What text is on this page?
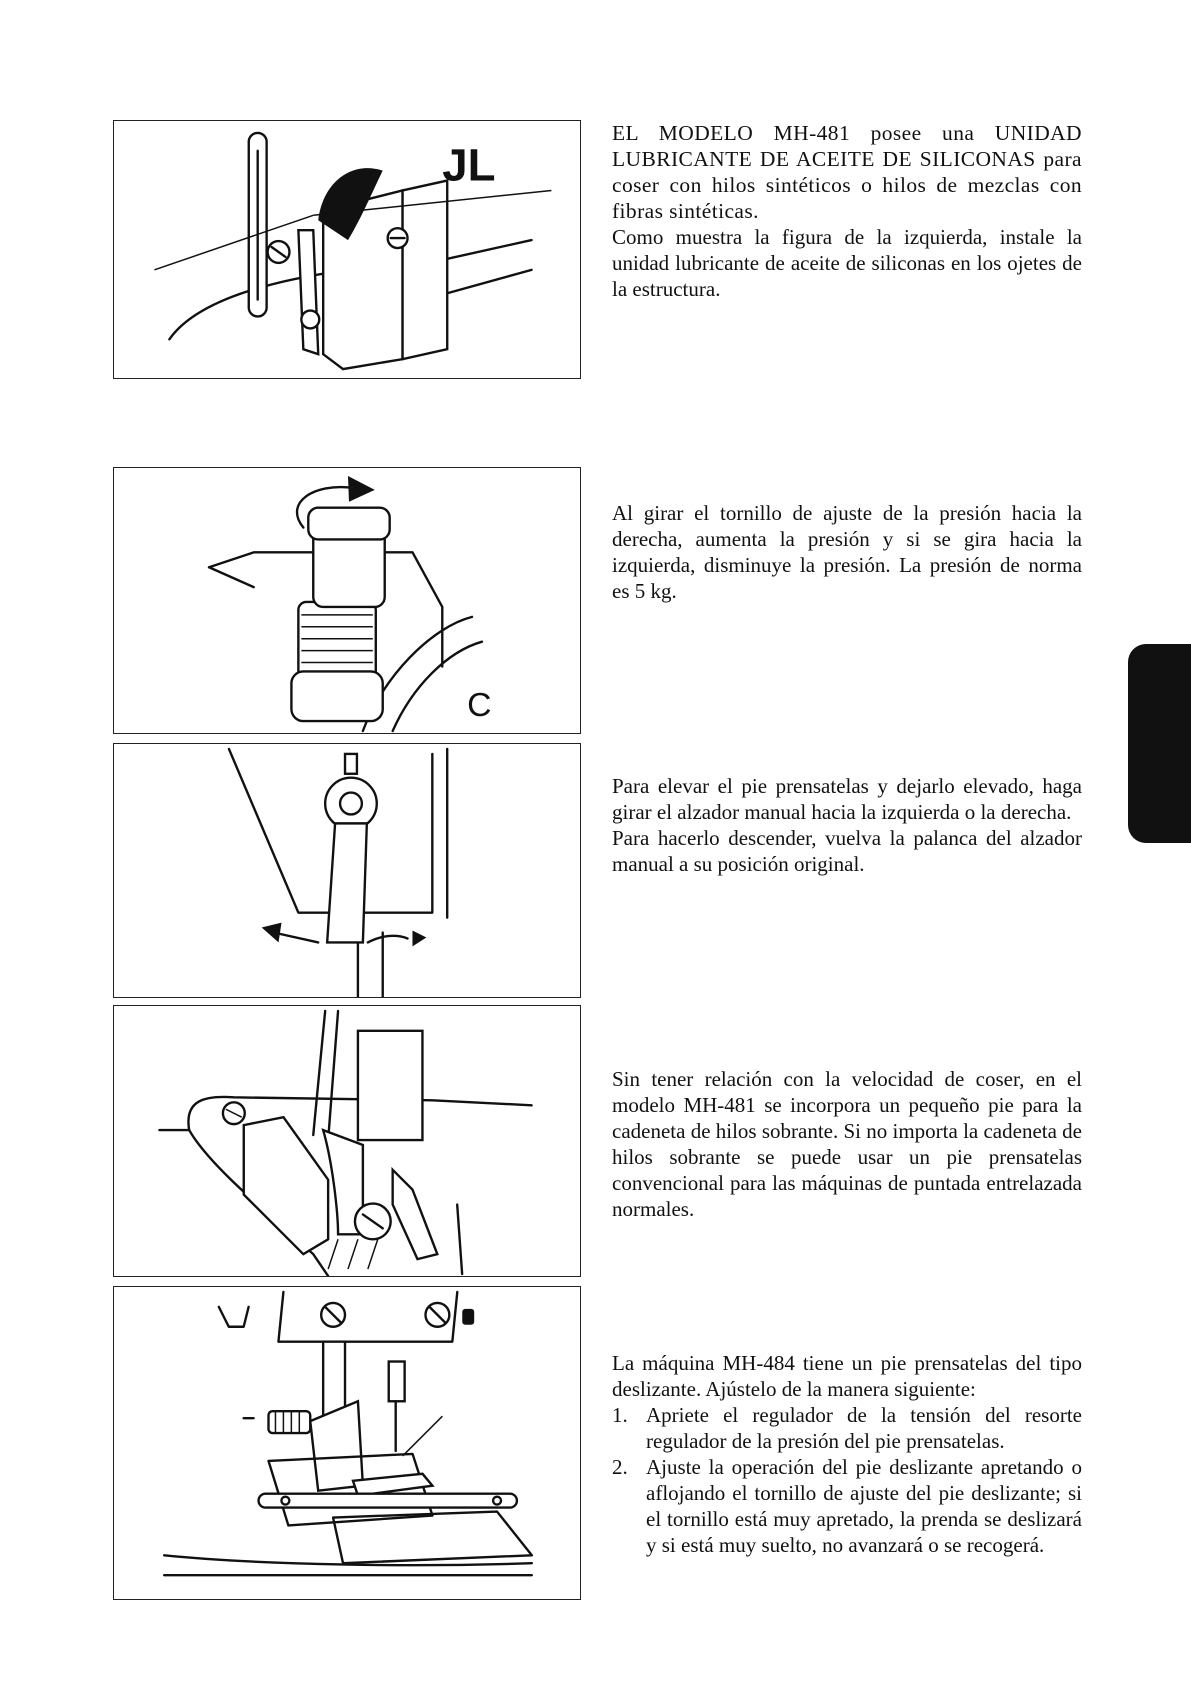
JL

EL MODELO MH-481 posee una UNIDAD LUBRICANTE DE ACEITE DE SILICONAS para coser con hilos sintéticos o hilos de mezclas con fibras sintéticas.

Como muestra la figura de la izquierda, instale la unidad lubricante de aceite de siliconas en los ojetes de la estructura.

C

Al girar el tornillo de ajuste de la presión hacia la derecha, aumenta la presión y si se gira hacia la izquierda, disminuye la presión. La presión de norma es 5 kg.

Para elevar el pie prensatelas y dejarlo elevado, haga girar el alzador manual hacia la izquierda o la derecha.

Para hacerlo descender, vuelva la palanca del alzador manual a su posición original.

Sin tener relación con la velocidad de coser, en el modelo MH-481 se incorpora un pequeño pie para la cadeneta de hilos sobrante. Si no importa la cadeneta de hilos sobrante se puede usar un pie prensatelas convencional para las máquinas de puntada entrelazada normales.

La máquina MH-484 tiene un pie prensatelas del tipo deslizante. Ajústelo de la manera siguiente:

1. Apriete el regulador de la tensión del resorte regulador de la presión del pie prensatelas.
2. Ajuste la operación del pie deslizante apretando o aflojando el tornillo de ajuste del pie deslizante; si el tornillo está muy apretado, la prenda se deslizará y si está muy suelto, no avanzará o se recogerá.
